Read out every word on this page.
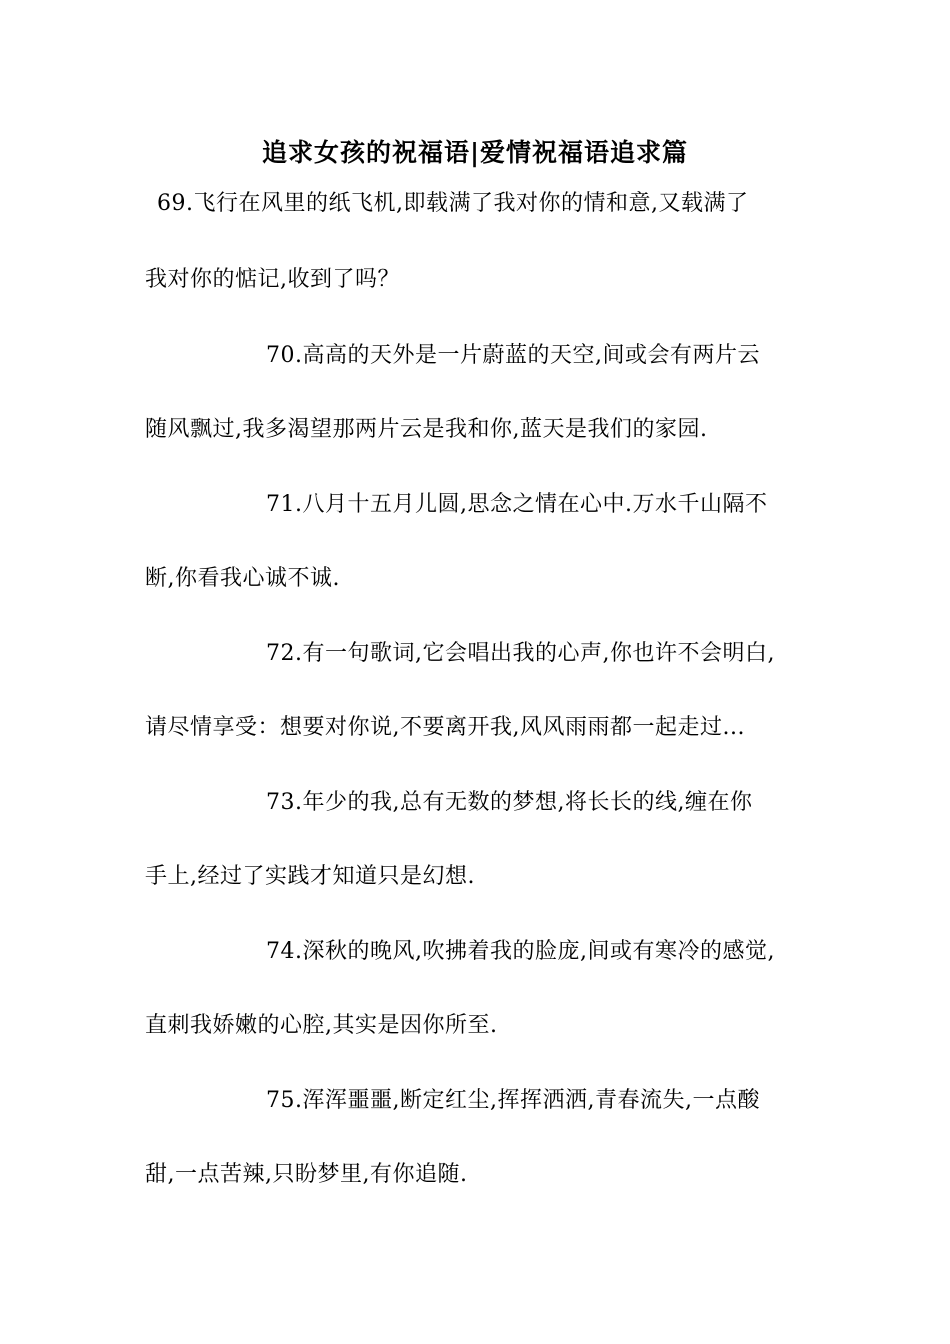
追求女孩的祝福语|爱情祝福语追求篇
69.飞行在风里的纸飞机,即载满了我对你的情和意,又载满了
我对你的惦记,收到了吗？
70.高高的天外是一片蔚蓝的天空,间或会有两片云
随风飘过,我多渴望那两片云是我和你,蓝天是我们的家园.
71.八月十五月儿圆,思念之情在心中.万水千山隔不
断,你看我心诚不诚.
72.有一句歌词,它会唱出我的心声,你也许不会明白,
请尽情享受：想要对你说,不要离开我,风风雨雨都一起走过...
73.年少的我,总有无数的梦想,将长长的线,缠在你
手上,经过了实践才知道只是幻想.
74.深秋的晚风,吹拂着我的脸庞,间或有寒冷的感觉,
直刺我娇嫩的心腔,其实是因你所至.
75.浑浑噩噩,断定红尘,挥挥洒洒,青春流失,一点酸
甜,一点苦辣,只盼梦里,有你追随.
